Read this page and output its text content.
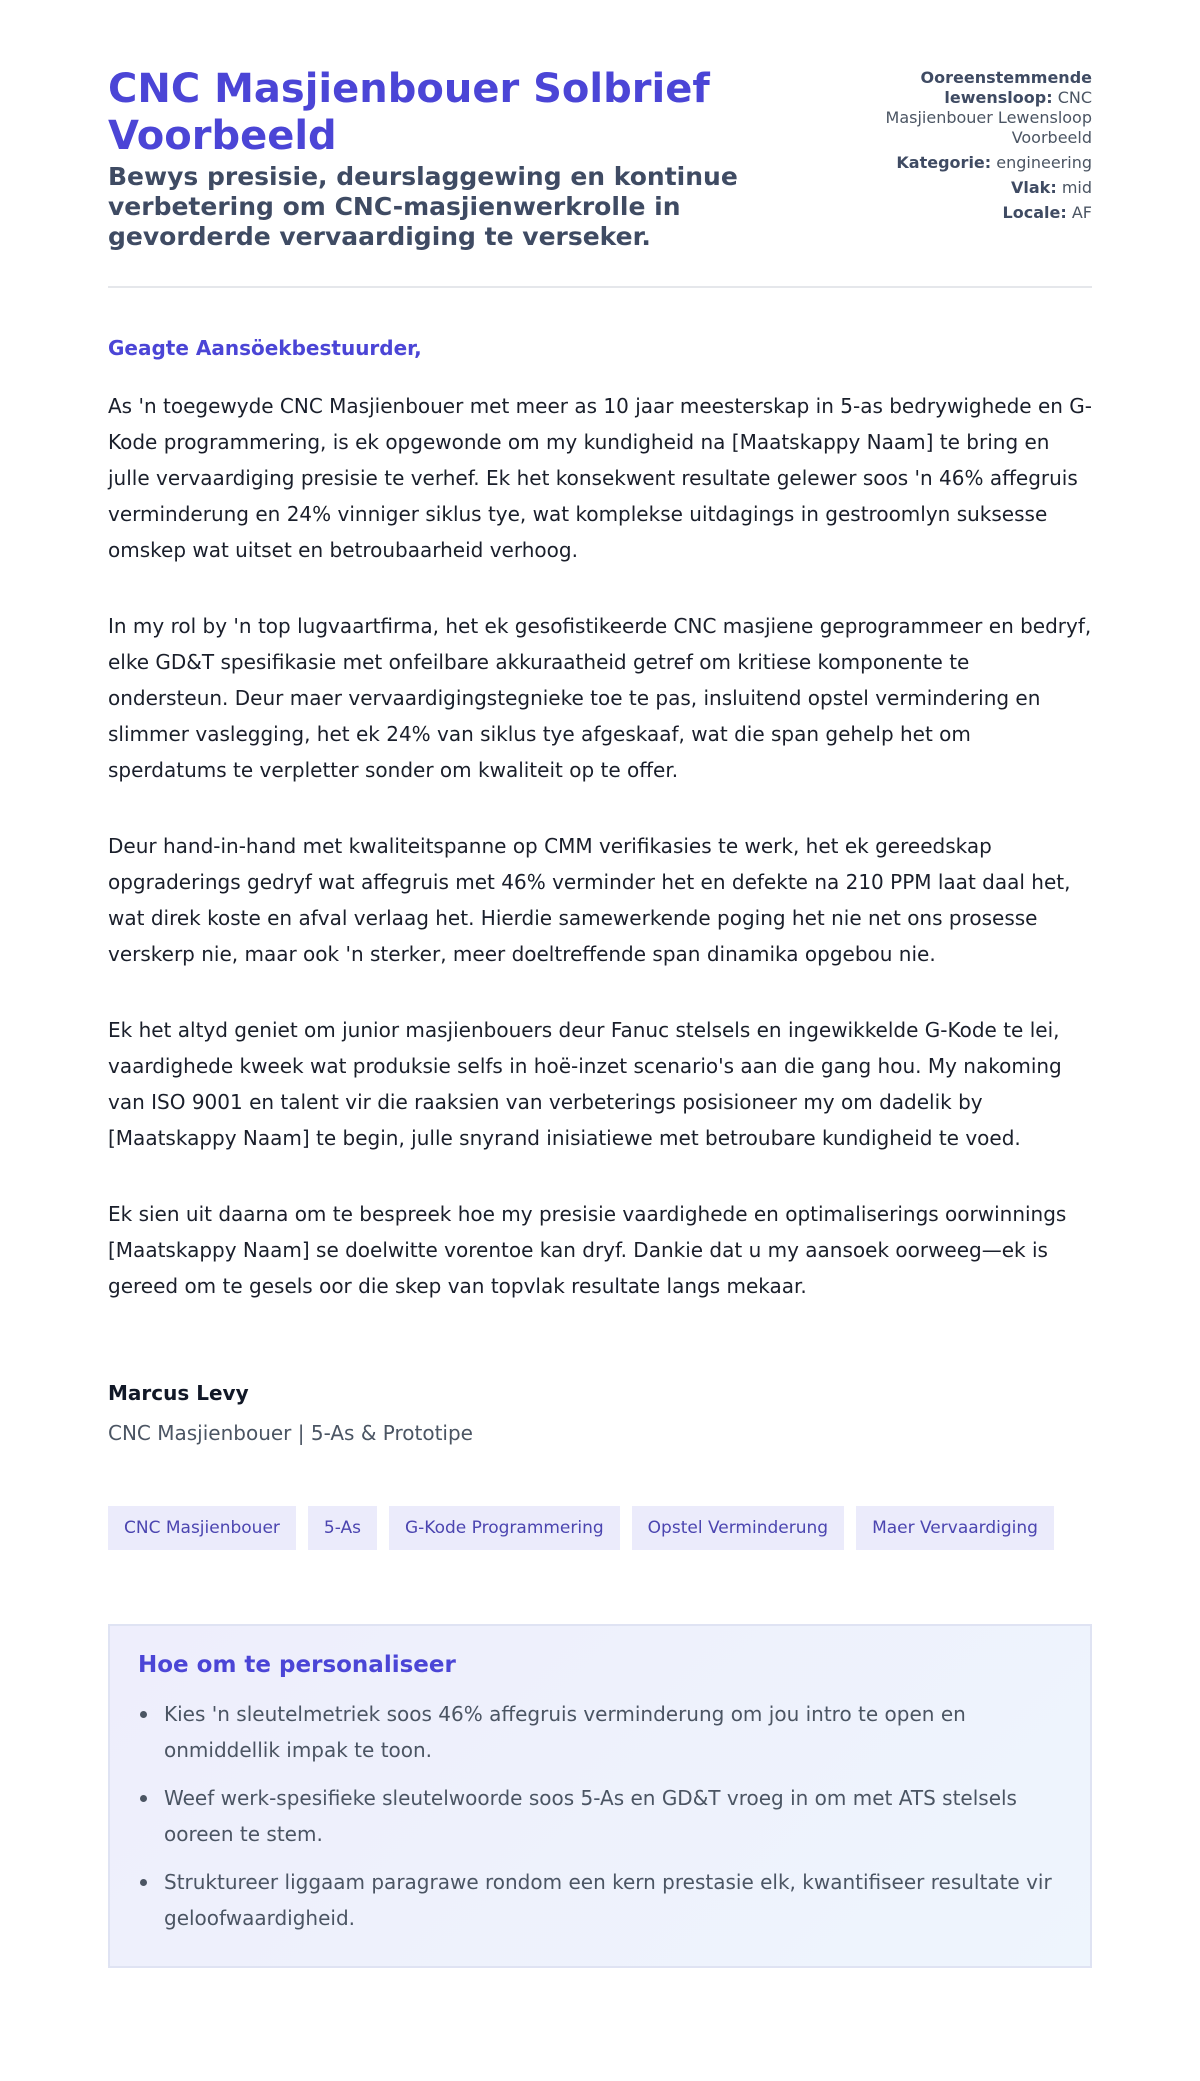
CNC Masjienbouer Solbrief Voorbeeld
Bewys presisie, deurslaggewing en kontinue verbetering om CNC-masjienwerkrolle in gevorderde vervaardiging te verseker.
Ooreenstemmende lewensloop: CNC Masjienbouer Lewensloop Voorbeeld
Kategorie: engineering
Vlak: mid
Locale: AF

Geagte Aansöekbestuurder,

As 'n toegewyde CNC Masjienbouer met meer as 10 jaar meesterskap in 5-as bedrywighede en G-Kode programmering, is ek opgewonde om my kundigheid na [Maatskappy Naam] te bring en julle vervaardiging presisie te verhef. Ek het konsekwent resultate gelewer soos 'n 46% affegruis verminderung en 24% vinniger siklus tye, wat komplekse uitdagings in gestroomlyn suksesse omskep wat uitset en betroubaarheid verhoog.

In my rol by 'n top lugvaartfirma, het ek gesofistikeerde CNC masjiene geprogrammeer en bedryf, elke GD&T spesifikasie met onfeilbare akkuraatheid getref om kritiese komponente te ondersteun. Deur maer vervaardigingstegnieke toe te pas, insluitend opstel vermindering en slimmer vaslegging, het ek 24% van siklus tye afgeskaaf, wat die span gehelp het om sperdatums te verpletter sonder om kwaliteit op te offer.

Deur hand-in-hand met kwaliteitspanne op CMM verifikasies te werk, het ek gereedskap opgraderings gedryf wat affegruis met 46% verminder het en defekte na 210 PPM laat daal het, wat direk koste en afval verlaag het. Hierdie samewerkende poging het nie net ons prosesse verskerp nie, maar ook 'n sterker, meer doeltreffende span dinamika opgebou nie.

Ek het altyd geniet om junior masjienbouers deur Fanuc stelsels en ingewikkelde G-Kode te lei, vaardighede kweek wat produksie selfs in hoë-inzet scenario's aan die gang hou. My nakoming van ISO 9001 en talent vir die raaksien van verbeterings posisioneer my om dadelik by [Maatskappy Naam] te begin, julle snyrand inisiatiewe met betroubare kundigheid te voed.

Ek sien uit daarna om te bespreek hoe my presisie vaardighede en optimaliserings oorwinnings [Maatskappy Naam] se doelwitte vorentoe kan dryf. Dankie dat u my aansoek oorweeg—ek is gereed om te gesels oor die skep van topvlak resultate langs mekaar.

Marcus Levy

CNC Masjienbouer | 5-As & Prototipe

CNC Masjienbouer	5-As	G-Kode Programmering	Opstel Verminderung	Maer Vervaardiging
Hoe om te personaliseer
Kies 'n sleutelmetriek soos 46% affegruis verminderung om jou intro te open en onmiddellik impak te toon.
Weef werk-spesifieke sleutelwoorde soos 5-As en GD&T vroeg in om met ATS stelsels ooreen te stem.
Struktureer liggaam paragrawe rondom een kern prestasie elk, kwantifiseer resultate vir geloofwaardigheid.
